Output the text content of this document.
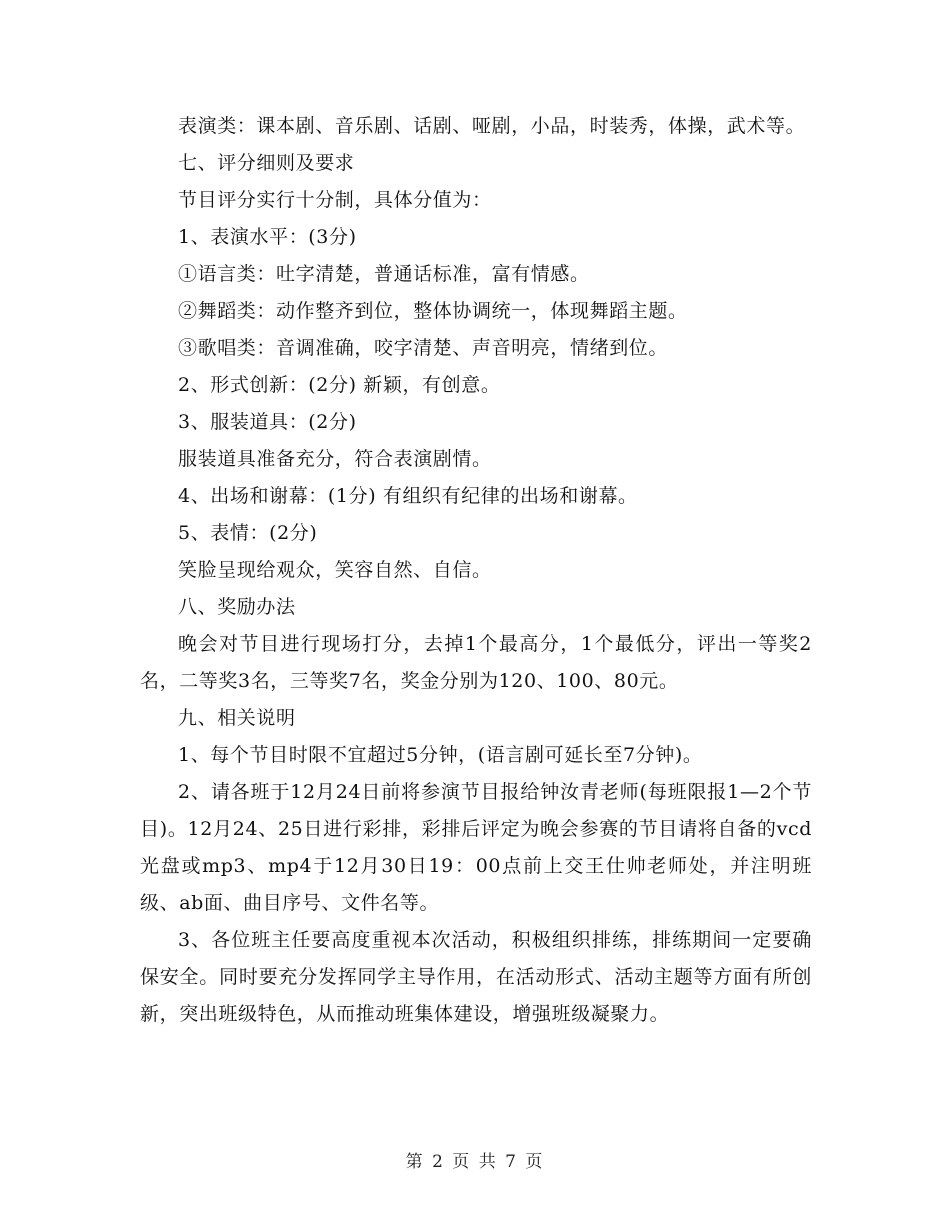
表演类：课本剧、音乐剧、话剧、哑剧，小品，时装秀，体操，武术等。

七、评分细则及要求

节目评分实行十分制，具体分值为：

1、表演水平：(3分)

①语言类：吐字清楚，普通话标准，富有情感。

②舞蹈类：动作整齐到位，整体协调统一，体现舞蹈主题。

③歌唱类：音调准确，咬字清楚、声音明亮，情绪到位。

2、形式创新：(2分) 新颖，有创意。

3、服装道具：(2分)

服装道具准备充分，符合表演剧情。

4、出场和谢幕：(1分) 有组织有纪律的出场和谢幕。

5、表情：(2分)

笑脸呈现给观众，笑容自然、自信。

八、奖励办法

晚会对节目进行现场打分，去掉1个最高分，1个最低分，评出一等奖2名，二等奖3名，三等奖7名，奖金分别为120、100、80元。

九、相关说明

1、每个节目时限不宜超过5分钟，(语言剧可延长至7分钟)。

2、请各班于12月24日前将参演节目报给钟汝青老师(每班限报1—2个节目)。12月24、25日进行彩排，彩排后评定为晚会参赛的节目请将自备的vcd光盘或mp3、mp4于12月30日19：00点前上交王仕帅老师处，并注明班级、ab面、曲目序号、文件名等。

3、各位班主任要高度重视本次活动，积极组织排练，排练期间一定要确保安全。同时要充分发挥同学主导作用，在活动形式、活动主题等方面有所创新，突出班级特色，从而推动班集体建设，增强班级凝聚力。

第 2 页 共 7 页
